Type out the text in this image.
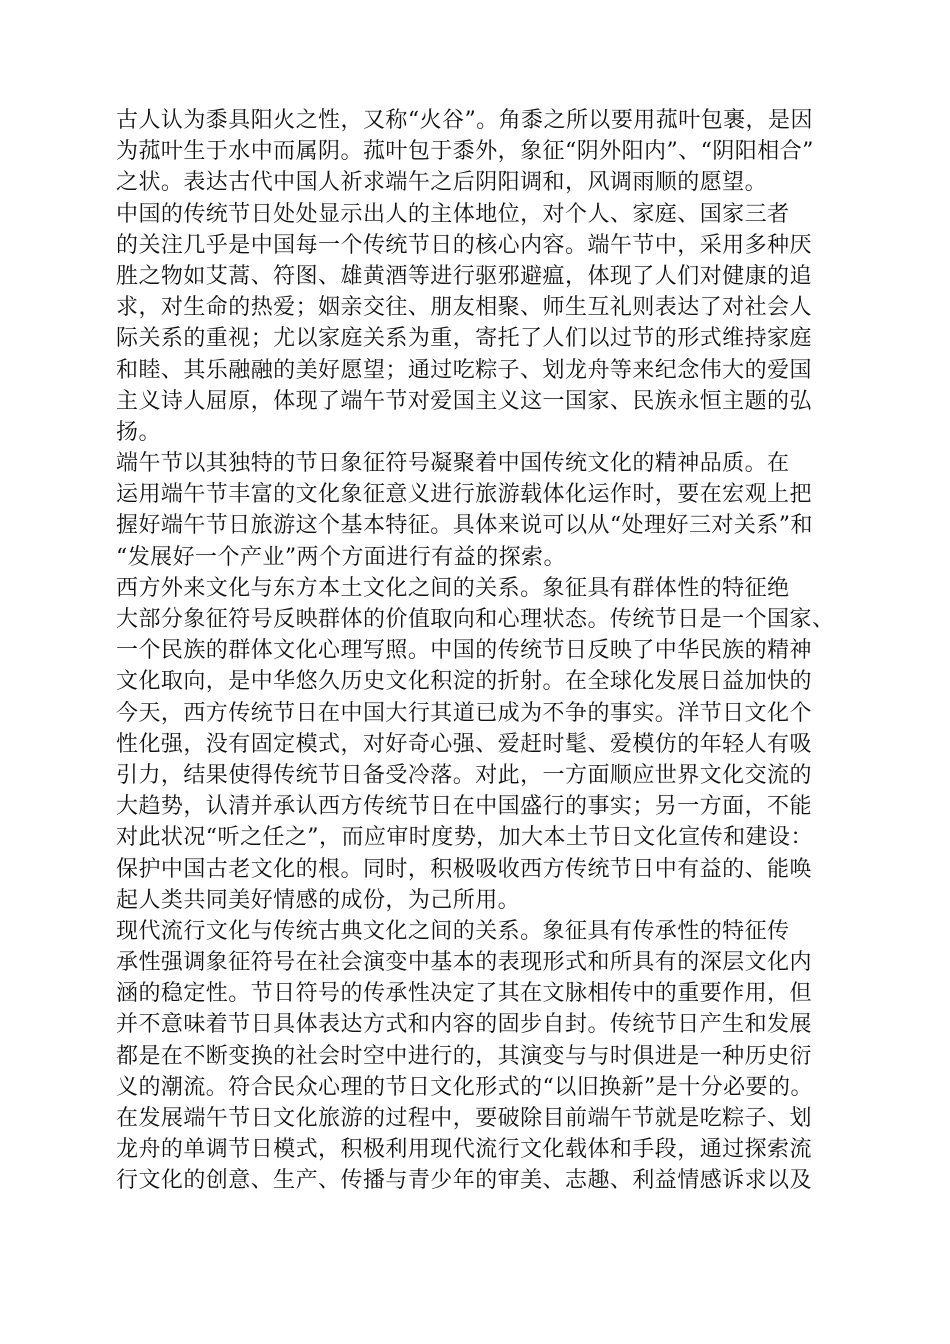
古人认为黍具阳火之性，又称“火谷”。角黍之所以要用菰叶包裹，是因
为菰叶生于水中而属阴。菰叶包于黍外，象征“阴外阳内”、“阴阳相合”
之状。表达古代中国人祈求端午之后阴阳调和，风调雨顺的愿望。
中国的传统节日处处显示出人的主体地位，对个人、家庭、国家三者
的关注几乎是中国每一个传统节日的核心内容。端午节中，采用多种厌
胜之物如艾蒿、符图、雄黄酒等进行驱邪避瘟，体现了人们对健康的追
求，对生命的热爱；姻亲交往、朋友相聚、师生互礼则表达了对社会人
际关系的重视；尤以家庭关系为重，寄托了人们以过节的形式维持家庭
和睦、其乐融融的美好愿望；通过吃粽子、划龙舟等来纪念伟大的爱国
主义诗人屈原，体现了端午节对爱国主义这一国家、民族永恒主题的弘
扬。
端午节以其独特的节日象征符号凝聚着中国传统文化的精神品质。在
运用端午节丰富的文化象征意义进行旅游载体化运作时，要在宏观上把
握好端午节日旅游这个基本特征。具体来说可以从“处理好三对关系”和
“发展好一个产业”两个方面进行有益的探索。
西方外来文化与东方本土文化之间的关系。象征具有群体性的特征绝
大部分象征符号反映群体的价值取向和心理状态。传统节日是一个国家、
一个民族的群体文化心理写照。中国的传统节日反映了中华民族的精神
文化取向，是中华悠久历史文化积淀的折射。在全球化发展日益加快的
今天，西方传统节日在中国大行其道已成为不争的事实。洋节日文化个
性化强，没有固定模式，对好奇心强、爱赶时髦、爱模仿的年轻人有吸
引力，结果使得传统节日备受冷落。对此，一方面顺应世界文化交流的
大趋势，认清并承认西方传统节日在中国盛行的事实；另一方面，不能
对此状况“听之任之”，而应审时度势，加大本土节日文化宣传和建设：
保护中国古老文化的根。同时，积极吸收西方传统节日中有益的、能唤
起人类共同美好情感的成份，为己所用。
现代流行文化与传统古典文化之间的关系。象征具有传承性的特征传
承性强调象征符号在社会演变中基本的表现形式和所具有的深层文化内
涵的稳定性。节日符号的传承性决定了其在文脉相传中的重要作用，但
并不意味着节日具体表达方式和内容的固步自封。传统节日产生和发展
都是在不断变换的社会时空中进行的，其演变与与时俱进是一种历史衍
义的潮流。符合民众心理的节日文化形式的“以旧换新”是十分必要的。
在发展端午节日文化旅游的过程中，要破除目前端午节就是吃粽子、划
龙舟的单调节日模式，积极利用现代流行文化载体和手段，通过探索流
行文化的创意、生产、传播与青少年的审美、志趣、利益情感诉求以及
